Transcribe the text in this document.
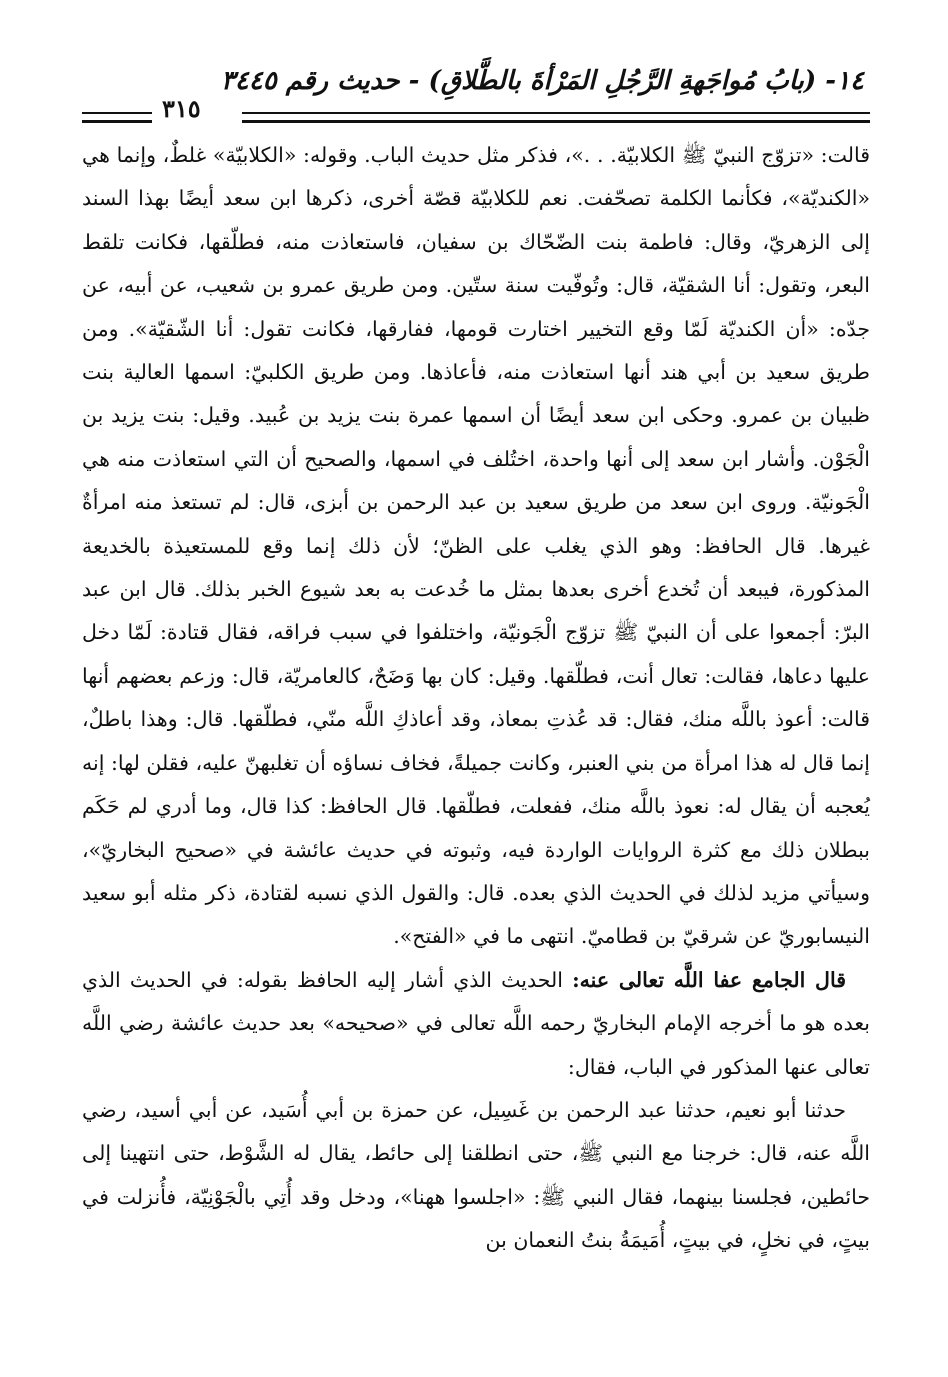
١٤- (بابُ مُواجَهةِ الرَّجُلِ المَرْأةَ بالطَّلاقِ) - حديث رقم ٣٤٤٥
٣١٥

قالت: «تزوّج النبيّ ﷺ الكلابيّة. . .»، فذكر مثل حديث الباب. وقوله: «الكلابيّة» غلطٌ، وإنما هي «الكنديّة»، فكأنما الكلمة تصحّفت. نعم للكلابيّة قصّة أخرى، ذكرها ابن سعد أيضًا بهذا السند إلى الزهريّ، وقال: فاطمة بنت الضّحّاك بن سفيان، فاستعاذت منه، فطلّقها، فكانت تلقط البعر، وتقول: أنا الشقيّة، قال: وتُوفّيت سنة ستّين. ومن طريق عمرو بن شعيب، عن أبيه، عن جدّه: «أن الكنديّة لَمّا وقع التخيير اختارت قومها، ففارقها، فكانت تقول: أنا الشّقيّة». ومن طريق سعيد بن أبي هند أنها استعاذت منه، فأعاذها. ومن طريق الكلبيّ: اسمها العالية بنت ظبيان بن عمرو. وحكى ابن سعد أيضًا أن اسمها عمرة بنت يزيد بن عُبيد. وقيل: بنت يزيد بن الْجَوْن. وأشار ابن سعد إلى أنها واحدة، اختُلف في اسمها، والصحيح أن التي استعاذت منه هي الْجَونيّة. وروى ابن سعد من طريق سعيد بن عبد الرحمن بن أبزى، قال: لم تستعذ منه امرأةٌ غيرها. قال الحافظ: وهو الذي يغلب على الظنّ؛ لأن ذلك إنما وقع للمستعيذة بالخديعة المذكورة، فيبعد أن تُخدع أخرى بعدها بمثل ما خُدعت به بعد شيوع الخبر بذلك. قال ابن عبد البرّ: أجمعوا على أن النبيّ ﷺ تزوّج الْجَونيّة، واختلفوا في سبب فراقه، فقال قتادة: لَمّا دخل عليها دعاها، فقالت: تعال أنت، فطلّقها. وقيل: كان بها وَضَحٌ، كالعامريّة، قال: وزعم بعضهم أنها قالت: أعوذ باللَّه منك، فقال: قد عُذتِ بمعاذ، وقد أعاذكِ اللَّه منّي، فطلّقها. قال: وهذا باطلٌ، إنما قال له هذا امرأة من بني العنبر، وكانت جميلةً، فخاف نساؤه أن تغلبهنّ عليه، فقلن لها: إنه يُعجبه أن يقال له: نعوذ باللَّه منك، ففعلت، فطلّقها. قال الحافظ: كذا قال، وما أدري لم حَكَم ببطلان ذلك مع كثرة الروايات الواردة فيه، وثبوته في حديث عائشة في «صحيح البخاريّ»، وسيأتي مزيد لذلك في الحديث الذي بعده. قال: والقول الذي نسبه لقتادة، ذكر مثله أبو سعيد النيسابوريّ عن شرقيّ بن قطاميّ. انتهى ما في «الفتح».

قال الجامع عفا اللَّه تعالى عنه: الحديث الذي أشار إليه الحافظ بقوله: في الحديث الذي بعده هو ما أخرجه الإمام البخاريّ رحمه اللَّه تعالى في «صحيحه» بعد حديث عائشة رضي اللَّه تعالى عنها المذكور في الباب، فقال:

حدثنا أبو نعيم، حدثنا عبد الرحمن بن غَسِيل، عن حمزة بن أبي أُسَيد، عن أبي أسيد، رضي اللَّه عنه، قال: خرجنا مع النبي ﷺ، حتى انطلقنا إلى حائط، يقال له الشَّوْط، حتى انتهينا إلى حائطين، فجلسنا بينهما، فقال النبي ﷺ: «اجلسوا ههنا»، ودخل وقد أُتِي بالْجَوْنِيّة، فأُنزلت في بيتٍ، في نخلٍ، في بيتٍ، أُمَيمَةُ بنتُ النعمان بن
